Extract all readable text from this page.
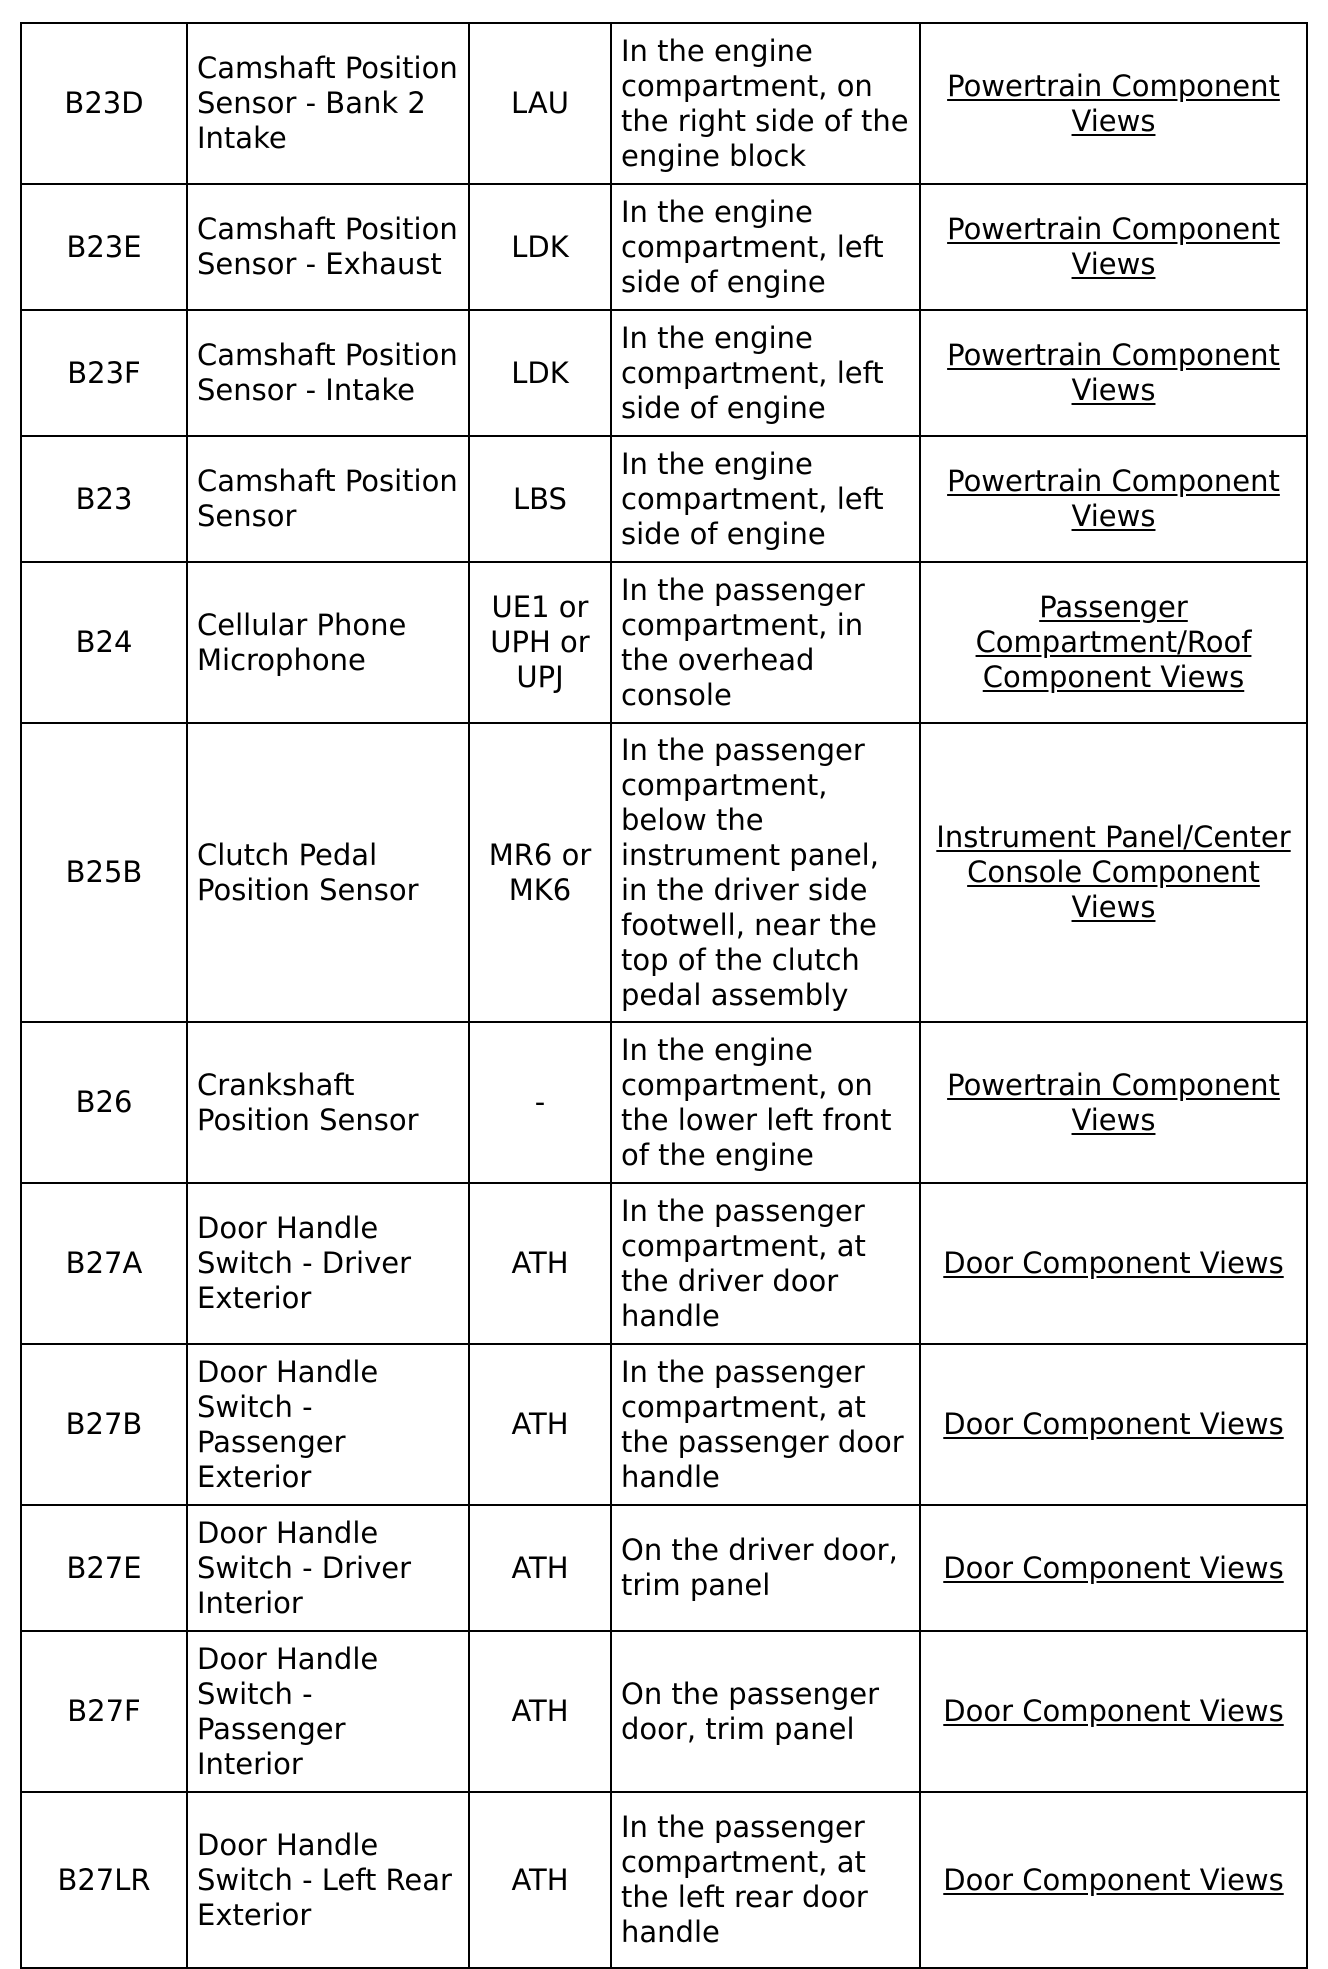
B23D	Camshaft Position Sensor - Bank 2 Intake	LAU	In the engine compartment, on the right side of the engine block	Powertrain Component Views
B23E	Camshaft Position Sensor - Exhaust	LDK	In the engine compartment, left side of engine	Powertrain Component Views
B23F	Camshaft Position Sensor - Intake	LDK	In the engine compartment, left side of engine	Powertrain Component Views
B23	Camshaft Position Sensor	LBS	In the engine compartment, left side of engine	Powertrain Component Views
B24	Cellular Phone Microphone	UE1 or UPH or UPJ	In the passenger compartment, in the overhead console	Passenger Compartment/Roof Component Views
B25B	Clutch Pedal Position Sensor	MR6 or MK6	In the passenger compartment, below the instrument panel, in the driver side footwell, near the top of the clutch pedal assembly	Instrument Panel/Center Console Component Views
B26	Crankshaft Position Sensor	-	In the engine compartment, on the lower left front of the engine	Powertrain Component Views
B27A	Door Handle Switch - Driver Exterior	ATH	In the passenger compartment, at the driver door handle	Door Component Views
B27B	Door Handle Switch - Passenger Exterior	ATH	In the passenger compartment, at the passenger door handle	Door Component Views
B27E	Door Handle Switch - Driver Interior	ATH	On the driver door, trim panel	Door Component Views
B27F	Door Handle Switch - Passenger Interior	ATH	On the passenger door, trim panel	Door Component Views
B27LR	Door Handle Switch - Left Rear Exterior	ATH	In the passenger compartment, at the left rear door handle	Door Component Views
